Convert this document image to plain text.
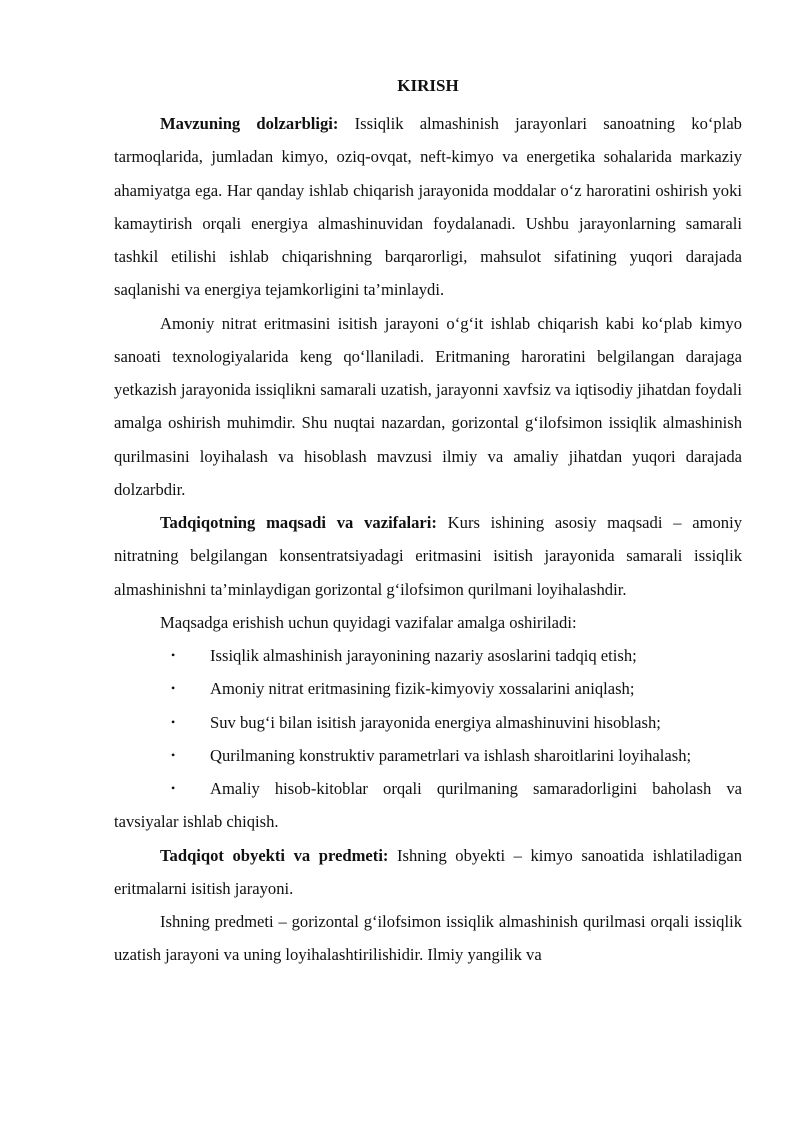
KIRISH

Mavzuning dolzarbligi: Issiqlik almashinish jarayonlari sanoatning ko‘plab tarmoqlarida, jumladan kimyo, oziq-ovqat, neft-kimyo va energetika sohalarida markaziy ahamiyatga ega. Har qanday ishlab chiqarish jarayonida moddalar o‘z haroratini oshirish yoki kamaytirish orqali energiya almashinuvidan foydalanadi. Ushbu jarayonlarning samarali tashkil etilishi ishlab chiqarishning barqarorligi, mahsulot sifatining yuqori darajada saqlanishi va energiya tejamkorligini ta’minlaydi.

Amoniy nitrat eritmasini isitish jarayoni o‘g‘it ishlab chiqarish kabi ko‘plab kimyo sanoati texnologiyalarida keng qo‘llaniladi. Eritmaning haroratini belgilangan darajaga yetkazish jarayonida issiqlikni samarali uzatish, jarayonni xavfsiz va iqtisodiy jihatdan foydali amalga oshirish muhimdir. Shu nuqtai nazardan, gorizontal g‘ilofsimon issiqlik almashinish qurilmasini loyihalash va hisoblash mavzusi ilmiy va amaliy jihatdan yuqori darajada dolzarbdir.

Tadqiqotning maqsadi va vazifalari: Kurs ishining asosiy maqsadi – amoniy nitratning belgilangan konsentratsiyadagi eritmasini isitish jarayonida samarali issiqlik almashinishni ta’minlaydigan gorizontal g‘ilofsimon qurilmani loyihalashdir.

Maqsadga erishish uchun quyidagi vazifalar amalga oshiriladi:

• Issiqlik almashinish jarayonining nazariy asoslarini tadqiq etish;

• Amoniy nitrat eritmasining fizik-kimyoviy xossalarini aniqlash;

• Suv bug‘i bilan isitish jarayonida energiya almashinuvini hisoblash;

• Qurilmaning konstruktiv parametrlari va ishlash sharoitlarini loyihalash;

• Amaliy hisob-kitoblar orqali qurilmaning samaradorligini baholash va tavsiyalar ishlab chiqish.

Tadqiqot obyekti va predmeti: Ishning obyekti – kimyo sanoatida ishlatiladigan eritmalarni isitish jarayoni.

Ishning predmeti – gorizontal g‘ilofsimon issiqlik almashinish qurilmasi orqali issiqlik uzatish jarayoni va uning loyihalashtirilishidir. Ilmiy yangilik va
